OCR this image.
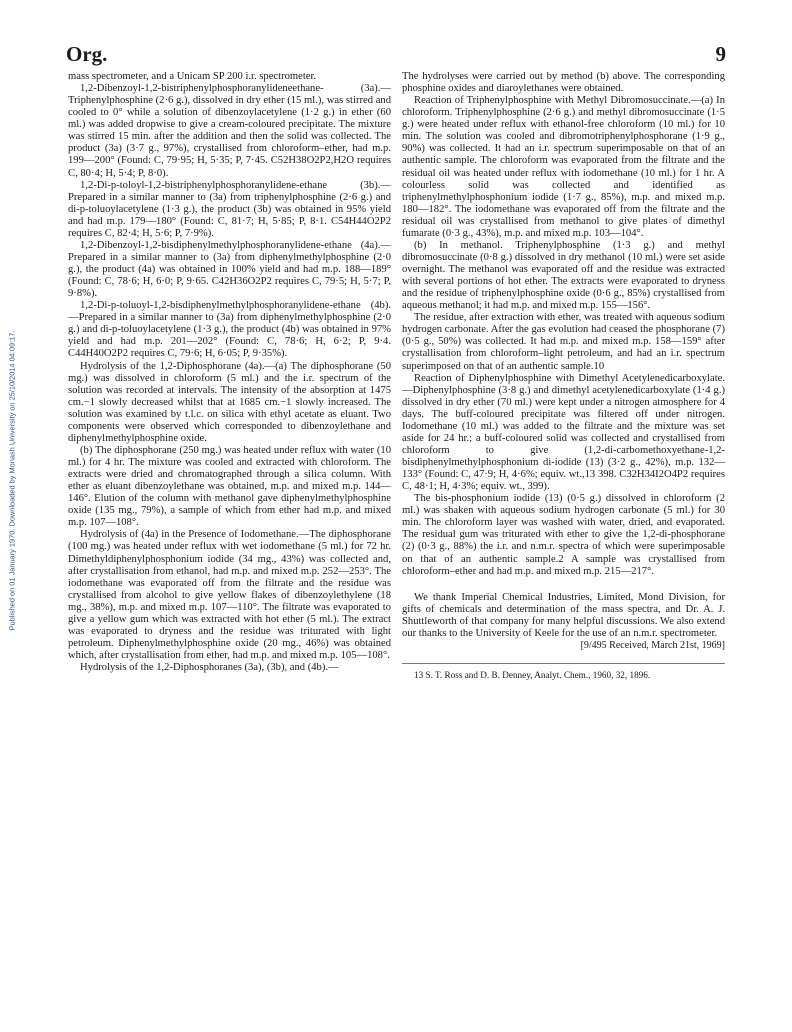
Org.	9
Published on 01 January 1970. Downloaded by Monash University on 25/10/2014 04:09:17.

mass spectrometer, and a Unicam SP 200 i.r. spectrometer.

1,2-Dibenzoyl-1,2-bistriphenylphosphoranylideneethane- (3a).—Triphenylphosphine (2·6 g.), dissolved in dry ether (15 ml.), was stirred and cooled to 0° while a solution of dibenzoylacetylene (1·2 g.) in ether (60 ml.) was added dropwise to give a cream-coloured precipitate. The mixture was stirred 15 min. after the addition and then the solid was collected. The product (3a) (3·7 g., 97%), crystallised from chloroform–ether, had m.p. 199—200° (Found: C, 79·95; H, 5·35; P, 7·45. C52H38O2P2,H2O requires C, 80·4; H, 5·4; P, 8·0).

1,2-Di-p-toloyl-1,2-bistriphenylphosphoranylidene-ethane (3b).—Prepared in a similar manner to (3a) from triphenylphosphine (2·6 g.) and di-p-toluoylacetylene (1·3 g.), the product (3b) was obtained in 95% yield and had m.p. 179—180° (Found: C, 81·7; H, 5·85; P, 8·1. C54H44O2P2 requires C, 82·4; H, 5·6; P, 7·9%).

1,2-Dibenzoyl-1,2-bisdiphenylmethylphosphoranylidene-ethane (4a).—Prepared in a similar manner to (3a) from diphenylmethylphosphine (2·0 g.), the product (4a) was obtained in 100% yield and had m.p. 188—189° (Found: C, 78·6; H, 6·0; P, 9·65. C42H36O2P2 requires C, 79·5; H, 5·7; P, 9·8%).

1,2-Di-p-toluoyl-1,2-bisdiphenylmethylphosphoranylidene-ethane (4b).—Prepared in a similar manner to (3a) from diphenylmethylphosphine (2·0 g.) and di-p-toluoylacetylene (1·3 g.), the product (4b) was obtained in 97% yield and had m.p. 201—202° (Found: C, 78·6; H, 6·2; P, 9·4. C44H40O2P2 requires C, 79·6; H, 6·05; P, 9·35%).

Hydrolysis of the 1,2-Diphosphorane (4a).—(a) The diphosphorane (50 mg.) was dissolved in chloroform (5 ml.) and the i.r. spectrum of the solution was recorded at intervals. The intensity of the absorption at 1475 cm.−1 slowly decreased whilst that at 1685 cm.−1 slowly increased. The solution was examined by t.l.c. on silica with ethyl acetate as eluant. Two components were observed which corresponded to dibenzoylethane and diphenylmethylphosphine oxide.

(b) The diphosphorane (250 mg.) was heated under reflux with water (10 ml.) for 4 hr. The mixture was cooled and extracted with chloroform. The extracts were dried and chromatographed through a silica column. With ether as eluant dibenzoylethane was obtained, m.p. and mixed m.p. 144—146°. Elution of the column with methanol gave diphenylmethylphosphine oxide (135 mg., 79%), a sample of which from ether had m.p. and mixed m.p. 107—108°.

Hydrolysis of (4a) in the Presence of Iodomethane.—The diphosphorane (100 mg.) was heated under reflux with wet iodomethane (5 ml.) for 72 hr. Dimethyldiphenylphosphonium iodide (34 mg., 43%) was collected and, after crystallisation from ethanol, had m.p. and mixed m.p. 252—253°. The iodomethane was evaporated off from the filtrate and the residue was crystallised from alcohol to give yellow flakes of dibenzoylethylene (18 mg., 38%), m.p. and mixed m.p. 107—110°. The filtrate was evaporated to give a yellow gum which was extracted with hot ether (5 ml.). The extract was evaporated to dryness and the residue was triturated with light petroleum. Diphenylmethylphosphine oxide (20 mg., 46%) was obtained which, after crystallisation from ether, had m.p. and mixed m.p. 105—108°.

Hydrolysis of the 1,2-Diphosphoranes (3a), (3b), and (4b).—

The hydrolyses were carried out by method (b) above. The corresponding phosphine oxides and diaroylethanes were obtained.

Reaction of Triphenylphosphine with Methyl Dibromosuccinate.—(a) In chloroform. Triphenylphosphine (2·6 g.) and methyl dibromosuccinate (1·5 g.) were heated under reflux with ethanol-free chloroform (10 ml.) for 10 min. The solution was cooled and dibromotriphenylphosphorane (1·9 g., 90%) was collected. It had an i.r. spectrum superimposable on that of an authentic sample. The chloroform was evaporated from the filtrate and the residual oil was heated under reflux with iodomethane (10 ml.) for 1 hr. A colourless solid was collected and identified as triphenylmethylphosphonium iodide (1·7 g., 85%), m.p. and mixed m.p. 180—182°. The iodomethane was evaporated off from the filtrate and the residual oil was crystallised from methanol to give plates of dimethyl fumarate (0·3 g., 43%), m.p. and mixed m.p. 103—104°.

(b) In methanol. Triphenylphosphine (1·3 g.) and methyl dibromosuccinate (0·8 g.) dissolved in dry methanol (10 ml.) were set aside overnight. The methanol was evaporated off and the residue was extracted with several portions of hot ether. The extracts were evaporated to dryness and the residue of triphenylphosphine oxide (0·6 g., 85%) crystallised from aqueous methanol; it had m.p. and mixed m.p. 155—156°.

The residue, after extraction with ether, was treated with aqueous sodium hydrogen carbonate. After the gas evolution had ceased the phosphorane (7) (0·5 g., 50%) was collected. It had m.p. and mixed m.p. 158—159° after crystallisation from chloroform–light petroleum, and had an i.r. spectrum superimposed on that of an authentic sample.10

Reaction of Diphenylphosphine with Dimethyl Acetylenedicarboxylate.—Diphenylphosphine (3·8 g.) and dimethyl acetylenedicarboxylate (1·4 g.) dissolved in dry ether (70 ml.) were kept under a nitrogen atmosphere for 4 days. The buff-coloured precipitate was filtered off under nitrogen. Iodomethane (10 ml.) was added to the filtrate and the mixture was set aside for 24 hr.; a buff-coloured solid was collected and crystallised from chloroform to give (1,2-di-carbomethoxyethane-1,2-bisdiphenylmethylphosphonium di-iodide (13) (3·2 g., 42%), m.p. 132—133° (Found: C, 47·9; H, 4·6%; equiv. wt.,13 398. C32H34I2O4P2 requires C, 48·1; H, 4·3%; equiv. wt., 399).

The bis-phosphonium iodide (13) (0·5 g.) dissolved in chloroform (2 ml.) was shaken with aqueous sodium hydrogen carbonate (5 ml.) for 30 min. The chloroform layer was washed with water, dried, and evaporated. The residual gum was triturated with ether to give the 1,2-di-phosphorane (2) (0·3 g., 88%) the i.r. and n.m.r. spectra of which were superimposable on that of an authentic sample.2 A sample was crystallised from chloroform–ether and had m.p. and mixed m.p. 215—217°.

We thank Imperial Chemical Industries, Limited, Mond Division, for gifts of chemicals and determination of the mass spectra, and Dr. A. J. Shuttleworth of that company for many helpful discussions. We also extend our thanks to the University of Keele for the use of an n.m.r. spectrometer.

[9/495 Received, March 21st, 1969]

13 S. T. Ross and D. B. Denney, Analyt. Chem., 1960, 32, 1896.
